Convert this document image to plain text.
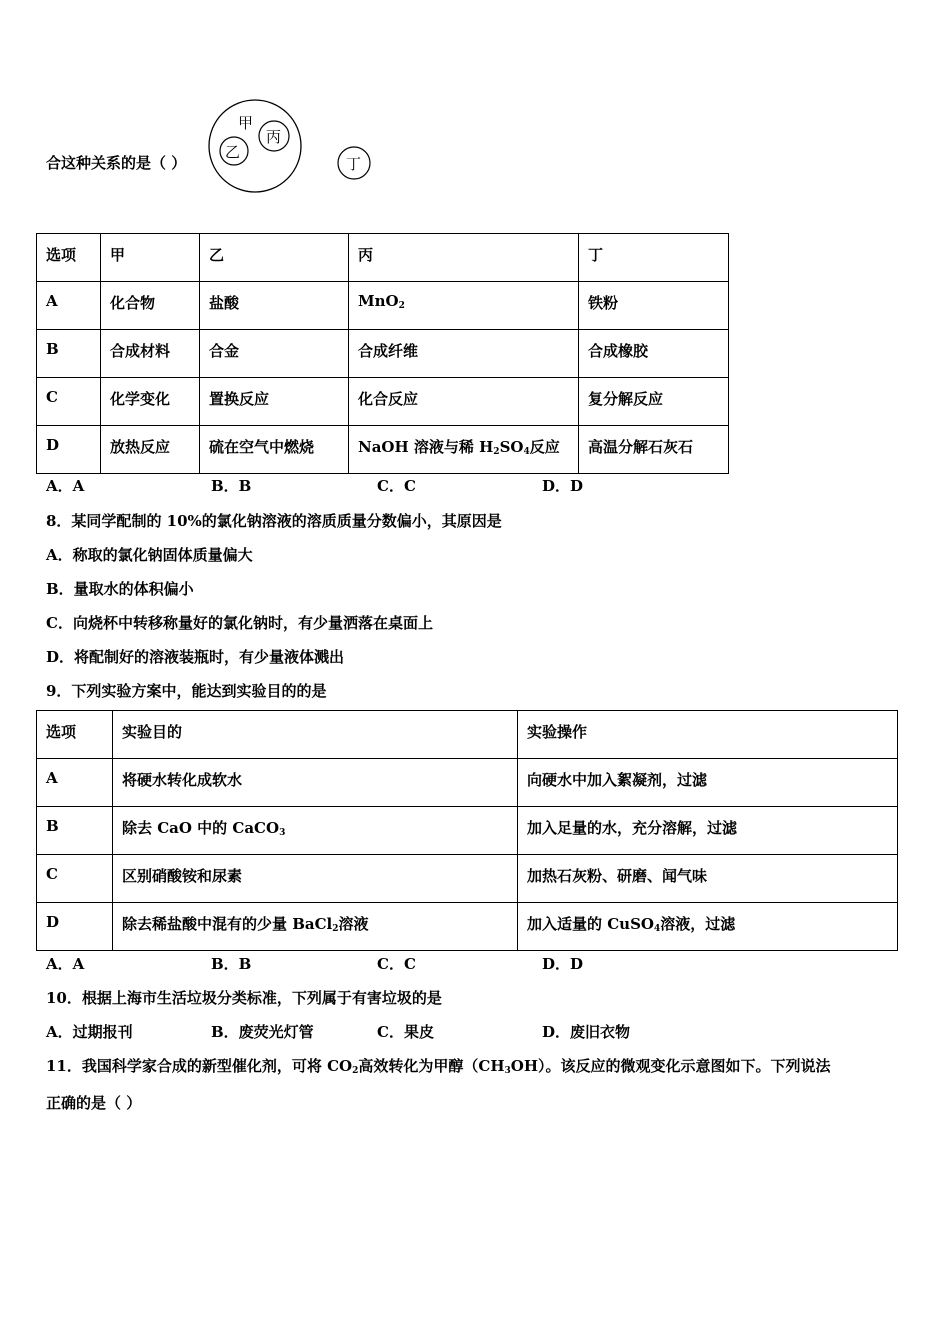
合这种关系的是（ ）
甲
乙
丙
丁
选项	甲	乙	丙	丁
A	化合物	盐酸	MnO$_2$	铁粉
B	合成材料	合金	合成纤维	合成橡胶
C	化学变化	置换反应	化合反应	复分解反应
D	放热反应	硫在空气中燃烧	NaOH 溶液与稀 $H_2SO_4$反应	高温分解石灰石
A．A	B．B	C．C	D．D
8．某同学配制的 10%的氯化钠溶液的溶质质量分数偏小，其原因是
A．称取的氯化钠固体质量偏大
B．量取水的体积偏小
C．向烧杯中转移称量好的氯化钠时，有少量洒落在桌面上
D．将配制好的溶液装瓶时，有少量液体溅出
9．下列实验方案中，能达到实验目的的是
选项	实验目的	实验操作
A	将硬水转化成软水	向硬水中加入絮凝剂，过滤
B	除去 CaO 中的 CaCO$_3$	加入足量的水，充分溶解，过滤
C	区别硝酸铵和尿素	加热石灰粉、研磨、闻气味
D	除去稀盐酸中混有的少量 BaCl$_2$溶液	加入适量的 CuSO$_4$溶液，过滤
A．A	B．B	C．C	D．D
10．根据上海市生活垃圾分类标准，下列属于有害垃圾的是
A．过期报刊	B．废荧光灯管	C．果皮	D．废旧衣物
11．我国科学家合成的新型催化剂，可将 $CO_2$高效转化为甲醇$(CH_3OH)$。该反应的微观变化示意图如下。下列说法
正确的是（ ）
